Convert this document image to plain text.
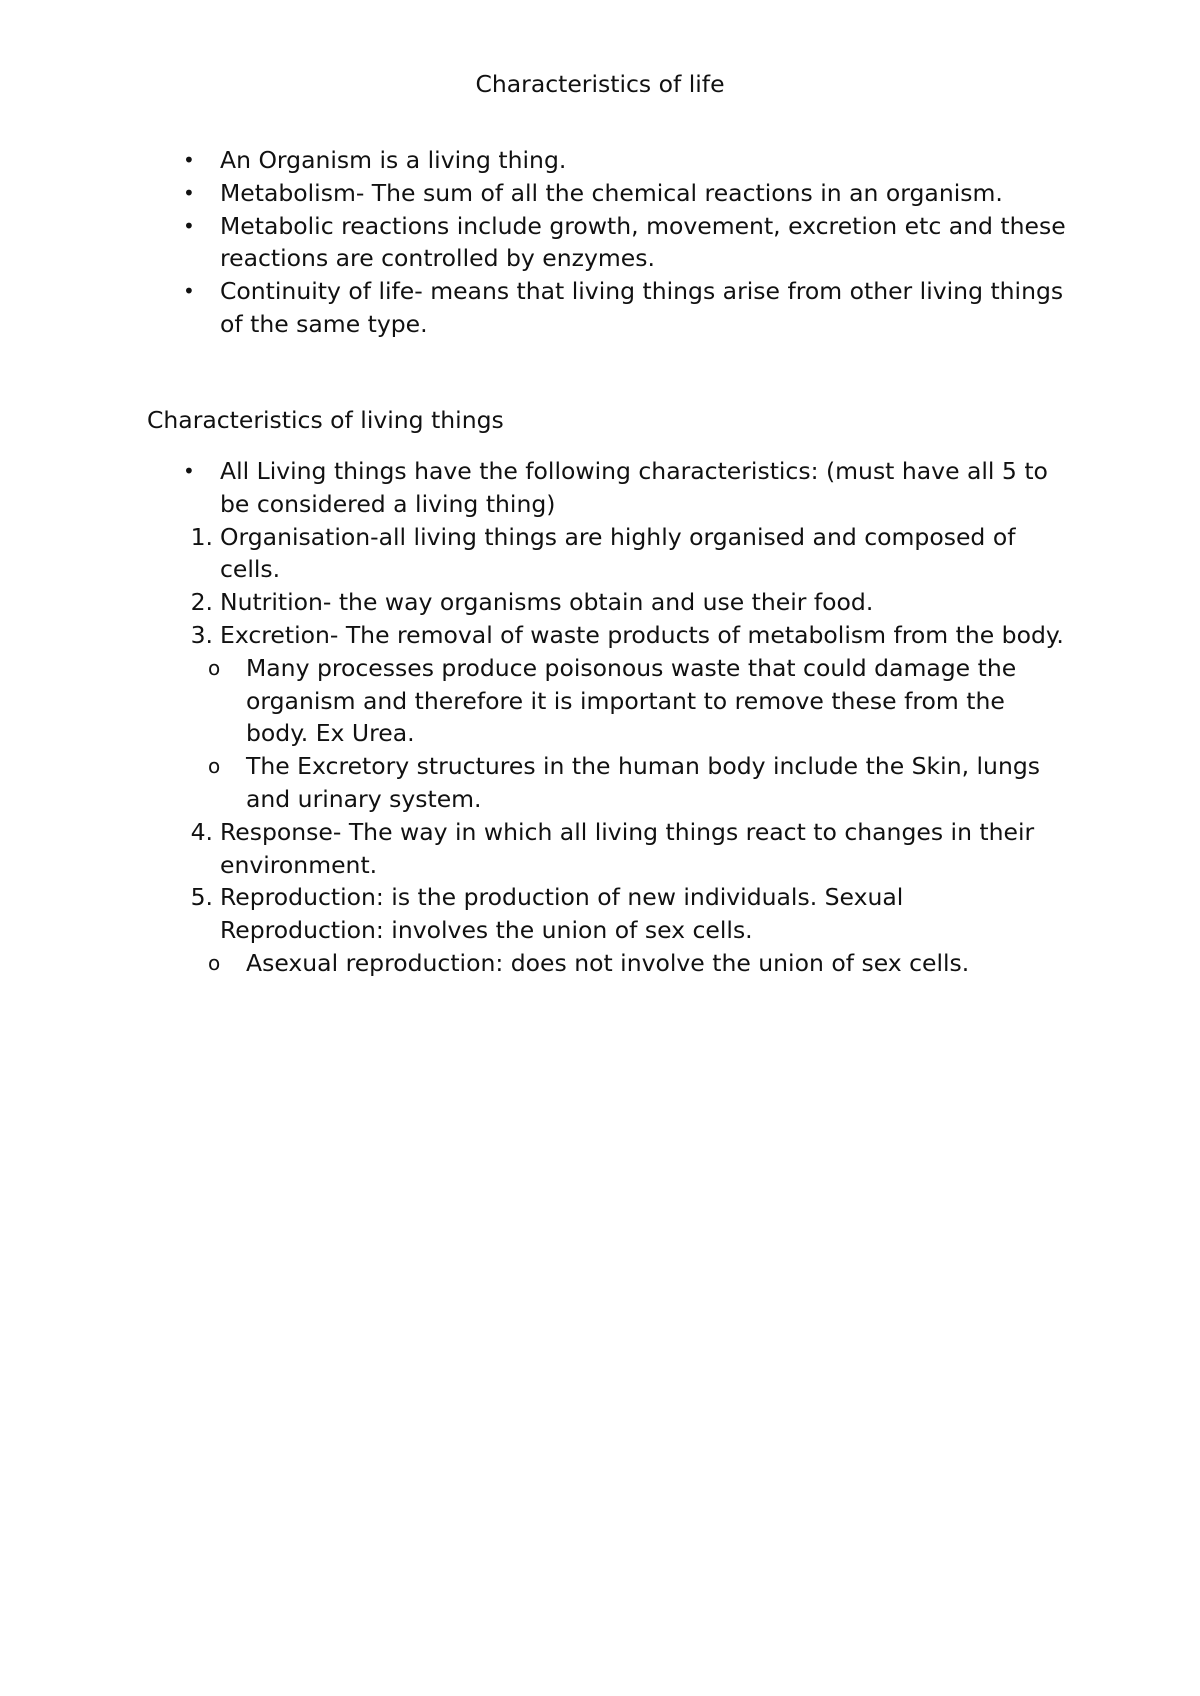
Characteristics of life
•	An Organism is a living thing.
•	Metabolism- The sum of all the chemical reactions in an organism.
•	Metabolic reactions include growth, movement, excretion etc and these reactions are controlled by enzymes.
•	Continuity of life- means that living things arise from other living things of the same type.
Characteristics of living things
•	All Living things have the following characteristics: (must have all 5 to be considered a living thing)
1. Organisation-all living things are highly organised and composed of cells.
2. Nutrition- the way organisms obtain and use their food.
3. Excretion- The removal of waste products of metabolism from the body.
o Many processes produce poisonous waste that could damage the organism and therefore it is important to remove these from the body. Ex Urea.
o The Excretory structures in the human body include the Skin, lungs and urinary system.
4. Response- The way in which all living things react to changes in their environment.
5. Reproduction: is the production of new individuals. Sexual Reproduction: involves the union of sex cells.
o Asexual reproduction: does not involve the union of sex cells.
